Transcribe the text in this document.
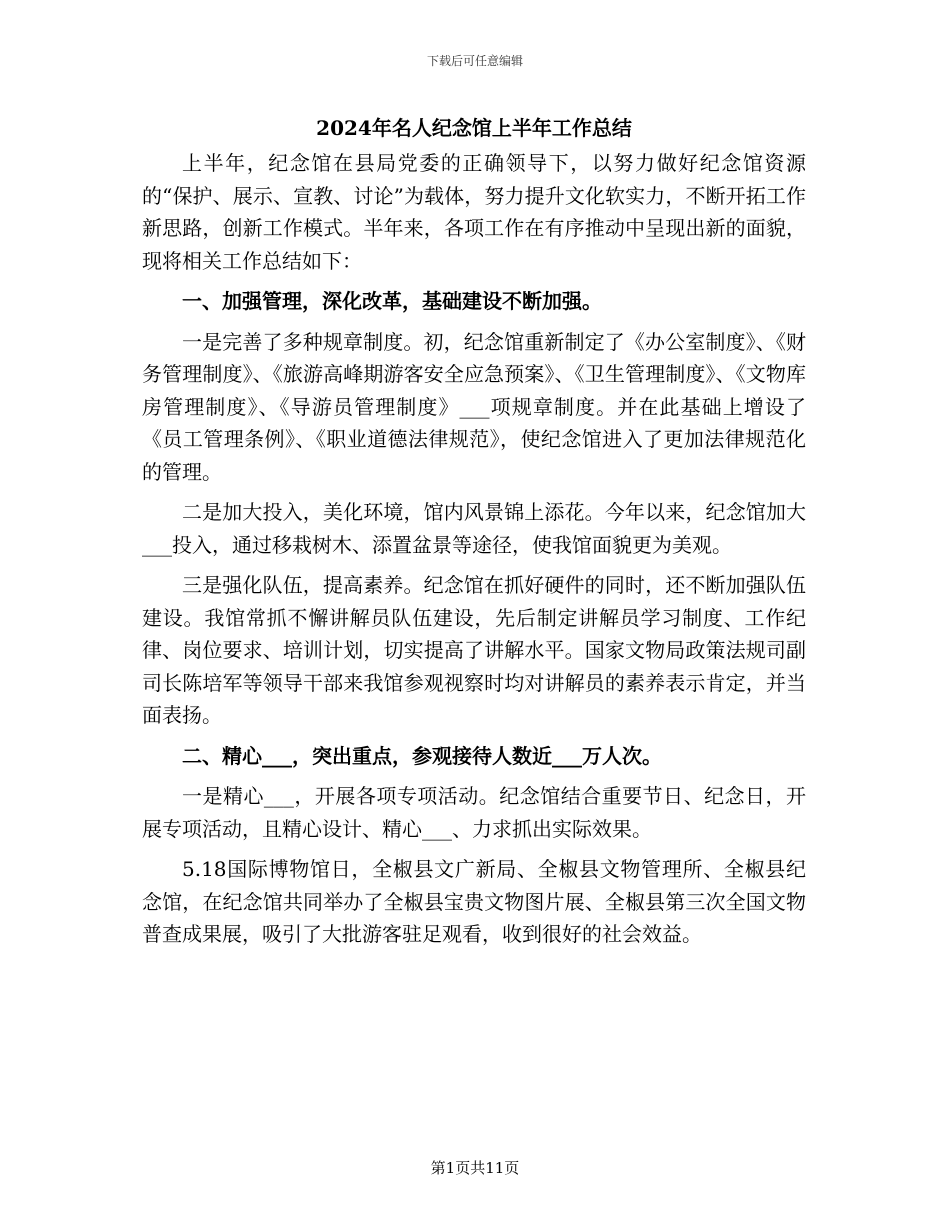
下载后可任意编辑
2024年名人纪念馆上半年工作总结

上半年，纪念馆在县局党委的正确领导下，以努力做好纪念馆资源的“保护、展示、宣教、讨论”为载体，努力提升文化软实力，不断开拓工作新思路，创新工作模式。半年来，各项工作在有序推动中呈现出新的面貌，现将相关工作总结如下：

一、加强管理，深化改革，基础建设不断加强。

一是完善了多种规章制度。初，纪念馆重新制定了《办公室制度》、《财务管理制度》、《旅游高峰期游客安全应急预案》、《卫生管理制度》、《文物库房管理制度》、《导游员管理制度》___项规章制度。并在此基础上增设了《员工管理条例》、《职业道德法律规范》，使纪念馆进入了更加法律规范化的管理。

二是加大投入，美化环境，馆内风景锦上添花。今年以来，纪念馆加大___投入，通过移栽树木、添置盆景等途径，使我馆面貌更为美观。

三是强化队伍，提高素养。纪念馆在抓好硬件的同时，还不断加强队伍建设。我馆常抓不懈讲解员队伍建设，先后制定讲解员学习制度、工作纪律、岗位要求、培训计划，切实提高了讲解水平。国家文物局政策法规司副司长陈培军等领导干部来我馆参观视察时均对讲解员的素养表示肯定，并当面表扬。

二、精心___，突出重点，参观接待人数近___万人次。

一是精心___，开展各项专项活动。纪念馆结合重要节日、纪念日，开展专项活动，且精心设计、精心___、力求抓出实际效果。

5.18国际博物馆日，全椒县文广新局、全椒县文物管理所、全椒县纪念馆，在纪念馆共同举办了全椒县宝贵文物图片展、全椒县第三次全国文物普查成果展，吸引了大批游客驻足观看，收到很好的社会效益。

第1页共11页
